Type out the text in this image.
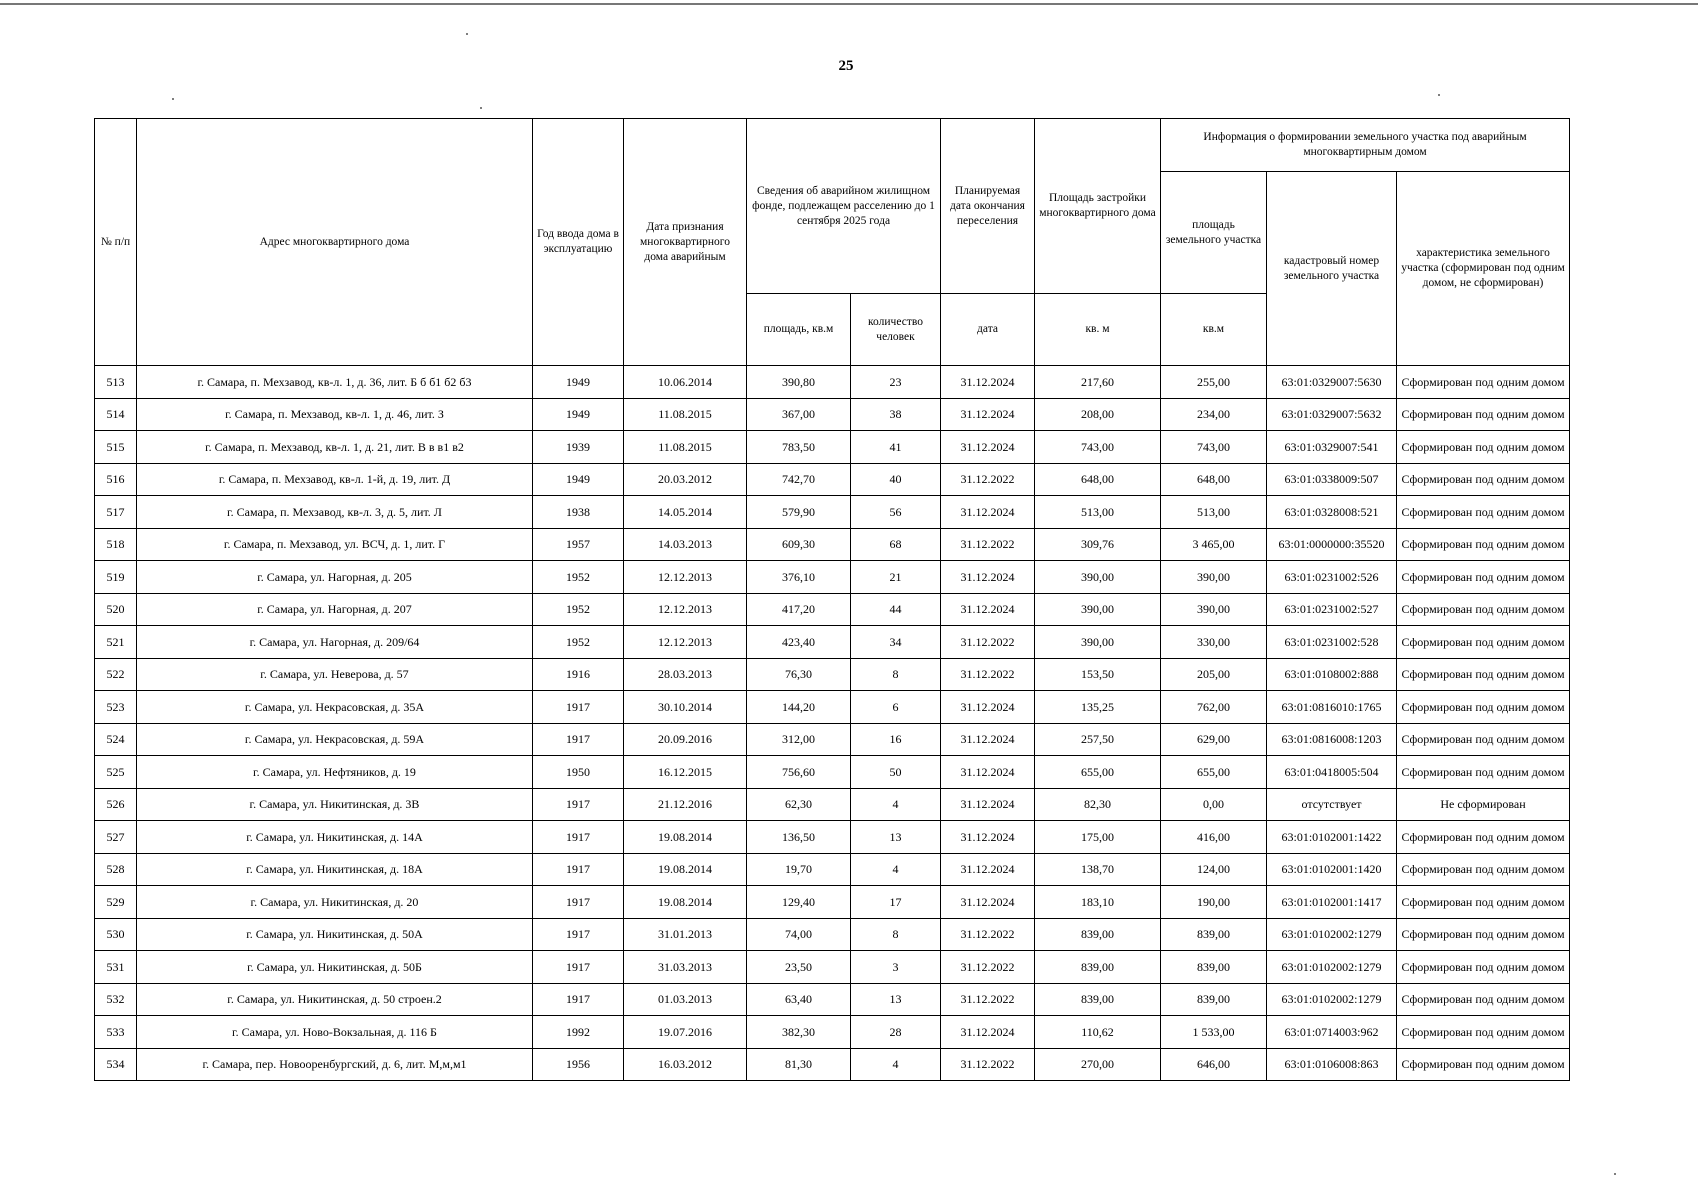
25
№ п/п	Адрес многоквартирного дома	Год ввода дома в эксплуатацию	Дата признания многоквартирного дома аварийным	Сведения об аварийном жилищном фонде, подлежащем расселению до 1 сентября 2025 года		Планируемая дата окончания переселения	Площадь застройки многоквартирного дома	Информация о формировании земельного участка под аварийным многоквартирным домом		
								площадь земельного участка	кадастровый номер земельного участка	характеристика земельного участка (сформирован под одним домом, не сформирован)
				площадь, кв.м	количество человек	дата	кв. м	кв.м		
513	г. Самара, п. Мехзавод, кв-л. 1, д. 36, лит. Б б б1 б2 б3	1949	10.06.2014	390,80	23	31.12.2024	217,60	255,00	63:01:0329007:5630	Сформирован под одним домом
514	г. Самара, п. Мехзавод, кв-л. 1, д. 46, лит. З	1949	11.08.2015	367,00	38	31.12.2024	208,00	234,00	63:01:0329007:5632	Сформирован под одним домом
515	г. Самара, п. Мехзавод, кв-л. 1, д. 21, лит. В в в1 в2	1939	11.08.2015	783,50	41	31.12.2024	743,00	743,00	63:01:0329007:541	Сформирован под одним домом
516	г. Самара, п. Мехзавод, кв-л. 1-й, д. 19, лит. Д	1949	20.03.2012	742,70	40	31.12.2022	648,00	648,00	63:01:0338009:507	Сформирован под одним домом
517	г. Самара, п. Мехзавод, кв-л. 3, д. 5, лит. Л	1938	14.05.2014	579,90	56	31.12.2024	513,00	513,00	63:01:0328008:521	Сформирован под одним домом
518	г. Самара, п. Мехзавод, ул. ВСЧ, д. 1, лит. Г	1957	14.03.2013	609,30	68	31.12.2022	309,76	3 465,00	63:01:0000000:35520	Сформирован под одним домом
519	г. Самара, ул. Нагорная, д. 205	1952	12.12.2013	376,10	21	31.12.2024	390,00	390,00	63:01:0231002:526	Сформирован под одним домом
520	г. Самара, ул. Нагорная, д. 207	1952	12.12.2013	417,20	44	31.12.2024	390,00	390,00	63:01:0231002:527	Сформирован под одним домом
521	г. Самара, ул. Нагорная, д. 209/64	1952	12.12.2013	423,40	34	31.12.2022	390,00	330,00	63:01:0231002:528	Сформирован под одним домом
522	г. Самара, ул. Неверова, д. 57	1916	28.03.2013	76,30	8	31.12.2022	153,50	205,00	63:01:0108002:888	Сформирован под одним домом
523	г. Самара, ул. Некрасовская, д. 35А	1917	30.10.2014	144,20	6	31.12.2024	135,25	762,00	63:01:0816010:1765	Сформирован под одним домом
524	г. Самара, ул. Некрасовская, д. 59А	1917	20.09.2016	312,00	16	31.12.2024	257,50	629,00	63:01:0816008:1203	Сформирован под одним домом
525	г. Самара, ул. Нефтяников, д. 19	1950	16.12.2015	756,60	50	31.12.2024	655,00	655,00	63:01:0418005:504	Сформирован под одним домом
526	г. Самара, ул. Никитинская, д. 3В	1917	21.12.2016	62,30	4	31.12.2024	82,30	0,00	отсутствует	Не сформирован
527	г. Самара, ул. Никитинская, д. 14А	1917	19.08.2014	136,50	13	31.12.2024	175,00	416,00	63:01:0102001:1422	Сформирован под одним домом
528	г. Самара, ул. Никитинская, д. 18А	1917	19.08.2014	19,70	4	31.12.2024	138,70	124,00	63:01:0102001:1420	Сформирован под одним домом
529	г. Самара, ул. Никитинская, д. 20	1917	19.08.2014	129,40	17	31.12.2024	183,10	190,00	63:01:0102001:1417	Сформирован под одним домом
530	г. Самара, ул. Никитинская, д. 50А	1917	31.01.2013	74,00	8	31.12.2022	839,00	839,00	63:01:0102002:1279	Сформирован под одним домом
531	г. Самара, ул. Никитинская, д. 50Б	1917	31.03.2013	23,50	3	31.12.2022	839,00	839,00	63:01:0102002:1279	Сформирован под одним домом
532	г. Самара, ул. Никитинская, д. 50 строен.2	1917	01.03.2013	63,40	13	31.12.2022	839,00	839,00	63:01:0102002:1279	Сформирован под одним домом
533	г. Самара, ул. Ново-Вокзальная, д. 116 Б	1992	19.07.2016	382,30	28	31.12.2024	110,62	1 533,00	63:01:0714003:962	Сформирован под одним домом
534	г. Самара, пер. Новооренбургский, д. 6, лит. М,м,м1	1956	16.03.2012	81,30	4	31.12.2022	270,00	646,00	63:01:0106008:863	Сформирован под одним домом
